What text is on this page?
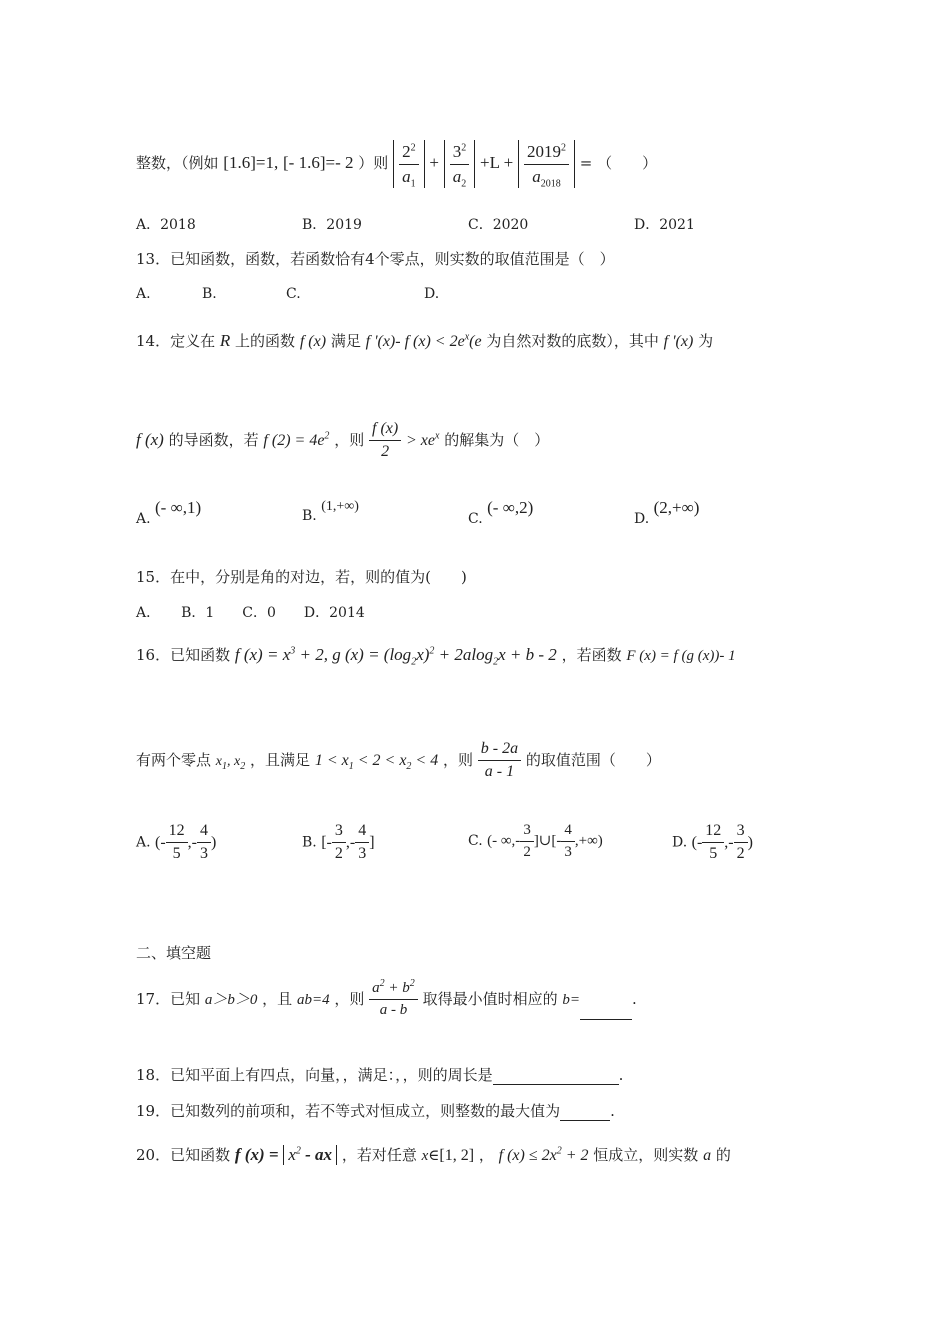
整数，（例如 [1.6]=1, [- 1.6]=- 2 ）则 $\frac{2^2}{a_1} + \frac{3^2}{a_2} +L + \frac{2019^2}{a_{2018}}$ = （　　）
A．2018	B．2019	C．2020	D．2021
13．已知函数，函数，若函数恰有4个零点，则实数的取值范围是（　）
A.	B.	C.	D.
14．定义在 R 上的函数 f (x) 满足 f '(x)- f $(x) < 2e^x(e$ 为自然对数的底数），其中 f '(x) 为
f (x) 的导函数，若 f $(2) = 4e^2$ ，则 $\frac{f (x)}{2} > xe^x$ 的解集为（　）
A. (- ∞,1)	B. (1,+∞)
C. (- ∞,2)
D. (2,+∞)
15．在中，分别是角的对边，若，则的值为(　　)
A．　　B．1　　C．0　　D．2014
16．已知函数 f $(x) = x^3 + 2$, g $(x) = (\log_2x)^2 + 2alog_2x + b - 2$ ，若函数 F (x) = f (g (x))- 1
有两个零点 $x_1$, $x_2$ ，且满足 $1 < x_1 < 2 < x_2 < 4$ ，则 $\frac{b - 2a}{a - 1}$ 的取值范围（　　）
A. (- $\frac{12}{5}$ ,- $\frac{4}{3}$ )	B. [- $\frac{3}{2}$ ,- $\frac{4}{3}$ ]	C. (- ∞,- $\frac{3}{2}$ ]∪[- $\frac{4}{3}$ ,+∞)	D. (- $\frac{12}{5}$ ,- $\frac{3}{2}$ )
二、填空题
17．已知 a＞b＞0 ，且 ab=4 ，则 $\frac{a^2 + b^2}{a - b}$ 取得最小值时相应的 b=	.
18．已知平面上有四点，向量，，满足：，，则的周长是	.
19．已知数列的前项和，若不等式对恒成立，则整数的最大值为	.
20．已知函数 f $(x) = x^2$ - ax ，若对任意 x∈[1, 2] ， f $(x) \le 2x^2 + 2$ 恒成立，则实数 a 的
